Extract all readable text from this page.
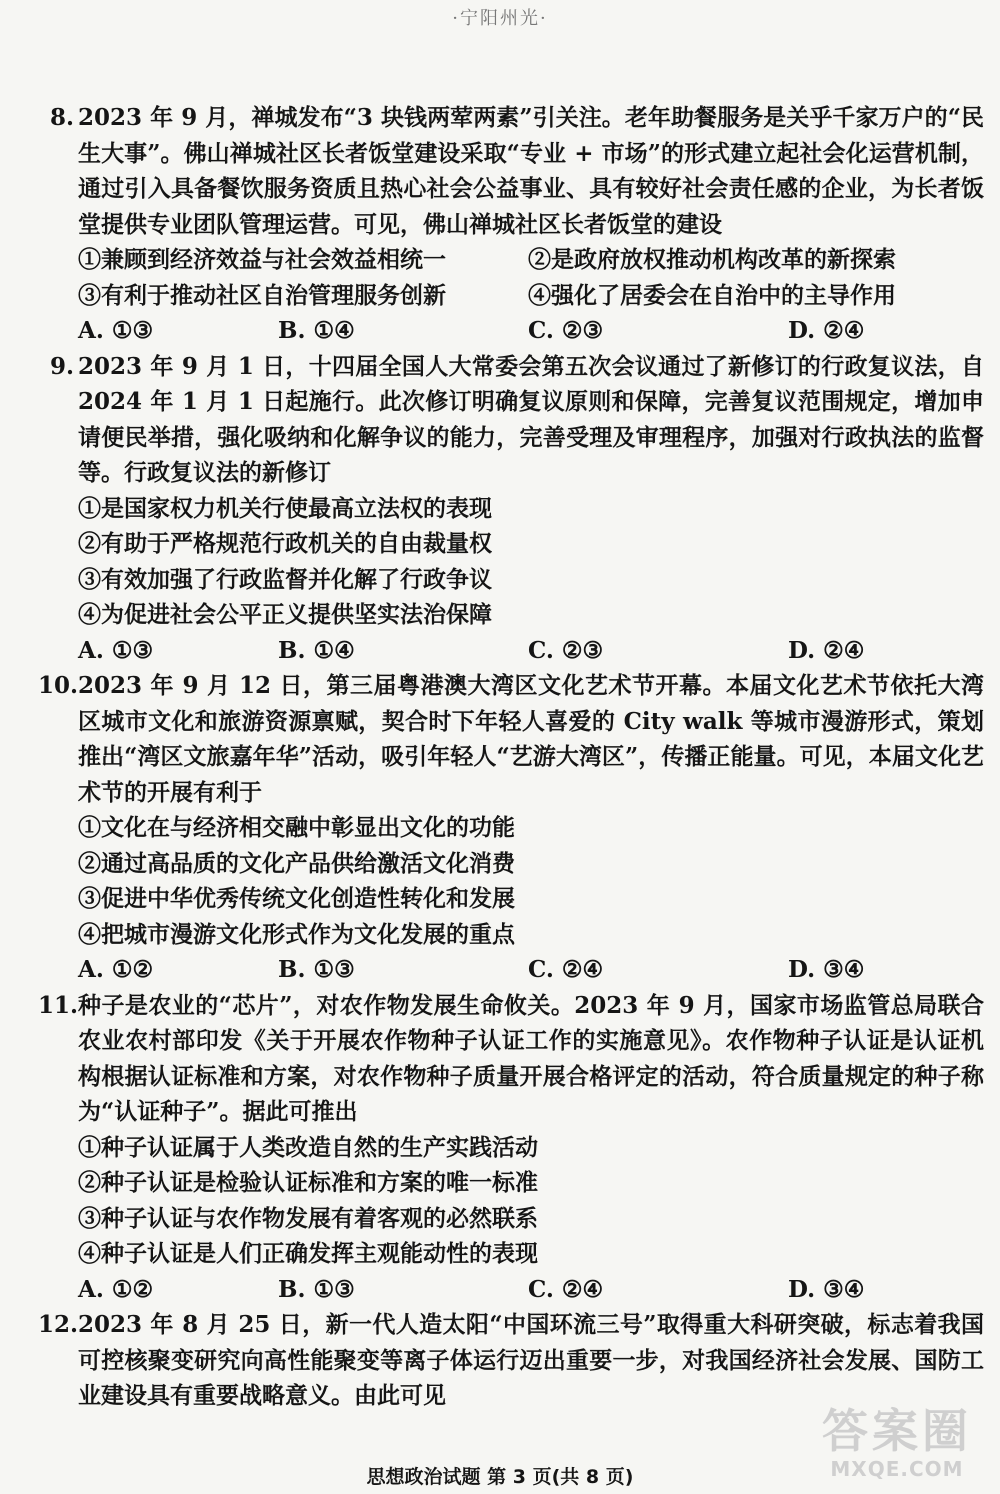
·宁阳州光·
8. 2023 年 9 月，禅城发布“3 块钱两荤两素”引关注。老年助餐服务是关乎千家万户的“民生大事”。佛山禅城社区长者饭堂建设采取“专业 + 市场”的形式建立起社会化运营机制，通过引入具备餐饮服务资质且热心社会公益事业、具有较好社会责任感的企业，为长者饭堂提供专业团队管理运营。可见，佛山禅城社区长者饭堂的建设
①兼顾到经济效益与社会效益相统一	②是政府放权推动机构改革的新探索
③有利于推动社区自治管理服务创新	④强化了居委会在自治中的主导作用
A. ①③	B. ①④	C. ②③	D. ②④
9. 2023 年 9 月 1 日，十四届全国人大常委会第五次会议通过了新修订的行政复议法，自 2024 年 1 月 1 日起施行。此次修订明确复议原则和保障，完善复议范围规定，增加申请便民举措，强化吸纳和化解争议的能力，完善受理及审理程序，加强对行政执法的监督等。行政复议法的新修订
①是国家权力机关行使最高立法权的表现
②有助于严格规范行政机关的自由裁量权
③有效加强了行政监督并化解了行政争议
④为促进社会公平正义提供坚实法治保障
A. ①③	B. ①④	C. ②③	D. ②④
10. 2023 年 9 月 12 日，第三届粤港澳大湾区文化艺术节开幕。本届文化艺术节依托大湾区城市文化和旅游资源禀赋，契合时下年轻人喜爱的 City walk 等城市漫游形式，策划推出“湾区文旅嘉年华”活动，吸引年轻人“艺游大湾区”，传播正能量。可见，本届文化艺术节的开展有利于
①文化在与经济相交融中彰显出文化的功能
②通过高品质的文化产品供给激活文化消费
③促进中华优秀传统文化创造性转化和发展
④把城市漫游文化形式作为文化发展的重点
A. ①②	B. ①③	C. ②④	D. ③④
11. 种子是农业的“芯片”，对农作物发展生命攸关。2023 年 9 月，国家市场监管总局联合农业农村部印发《关于开展农作物种子认证工作的实施意见》。农作物种子认证是认证机构根据认证标准和方案，对农作物种子质量开展合格评定的活动，符合质量规定的种子称为“认证种子”。据此可推出
①种子认证属于人类改造自然的生产实践活动
②种子认证是检验认证标准和方案的唯一标准
③种子认证与农作物发展有着客观的必然联系
④种子认证是人们正确发挥主观能动性的表现
A. ①②	B. ①③	C. ②④	D. ③④
12. 2023 年 8 月 25 日，新一代人造太阳“中国环流三号”取得重大科研突破，标志着我国可控核聚变研究向高性能聚变等离子体运行迈出重要一步，对我国经济社会发展、国防工业建设具有重要战略意义。由此可见
思想政治试题 第 3 页(共 8 页)
答案圈
MXQE.COM
